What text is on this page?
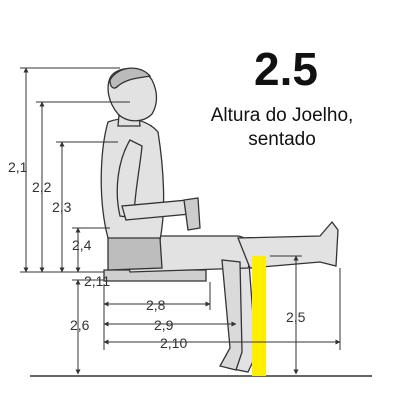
2,1
2,2
2,3
2,4
2,11
2,6
2,8
2,9
2,10
2,5
2.5
Altura do Joelho,
sentado
